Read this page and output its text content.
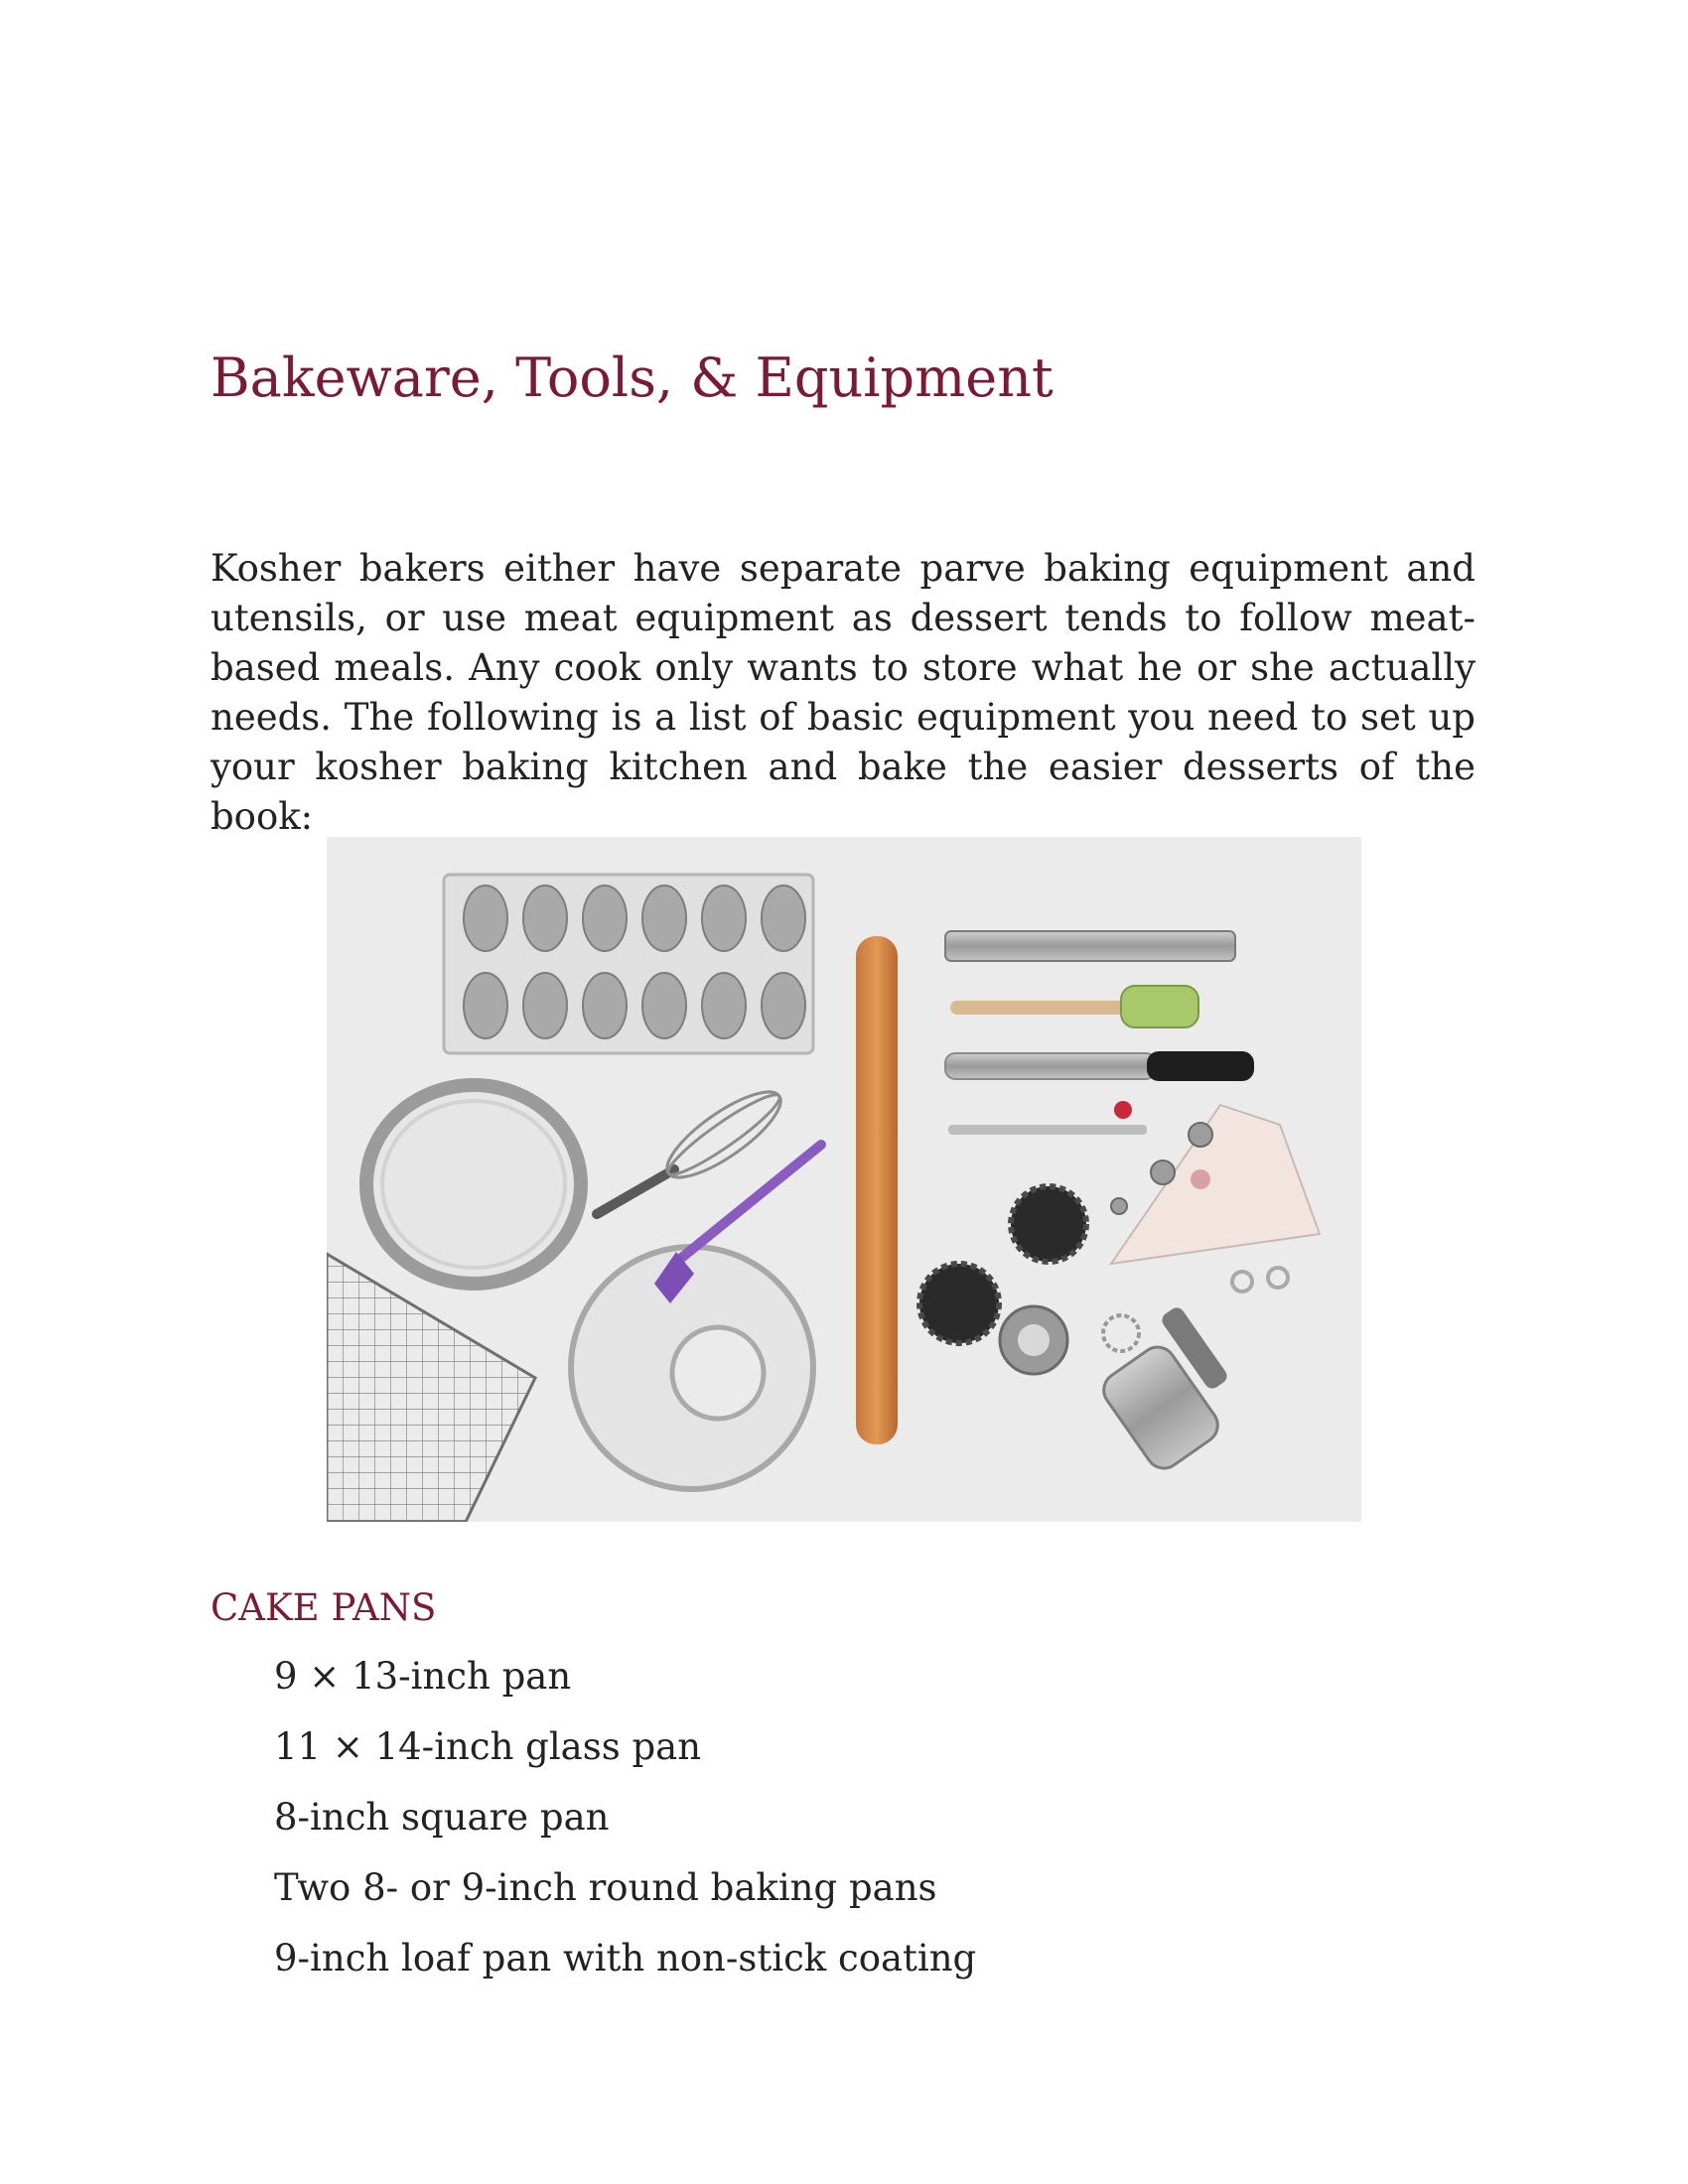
Bakeware, Tools, & Equipment

Kosher bakers either have separate parve baking equipment and utensils, or use meat equipment as dessert tends to follow meat-based meals. Any cook only wants to store what he or she actually needs. The following is a list of basic equipment you need to set up your kosher baking kitchen and bake the easier desserts of the book:

CAKE PANS
9 × 13-inch pan
11 × 14-inch glass pan
8-inch square pan
Two 8- or 9-inch round baking pans
9-inch loaf pan with non-stick coating
